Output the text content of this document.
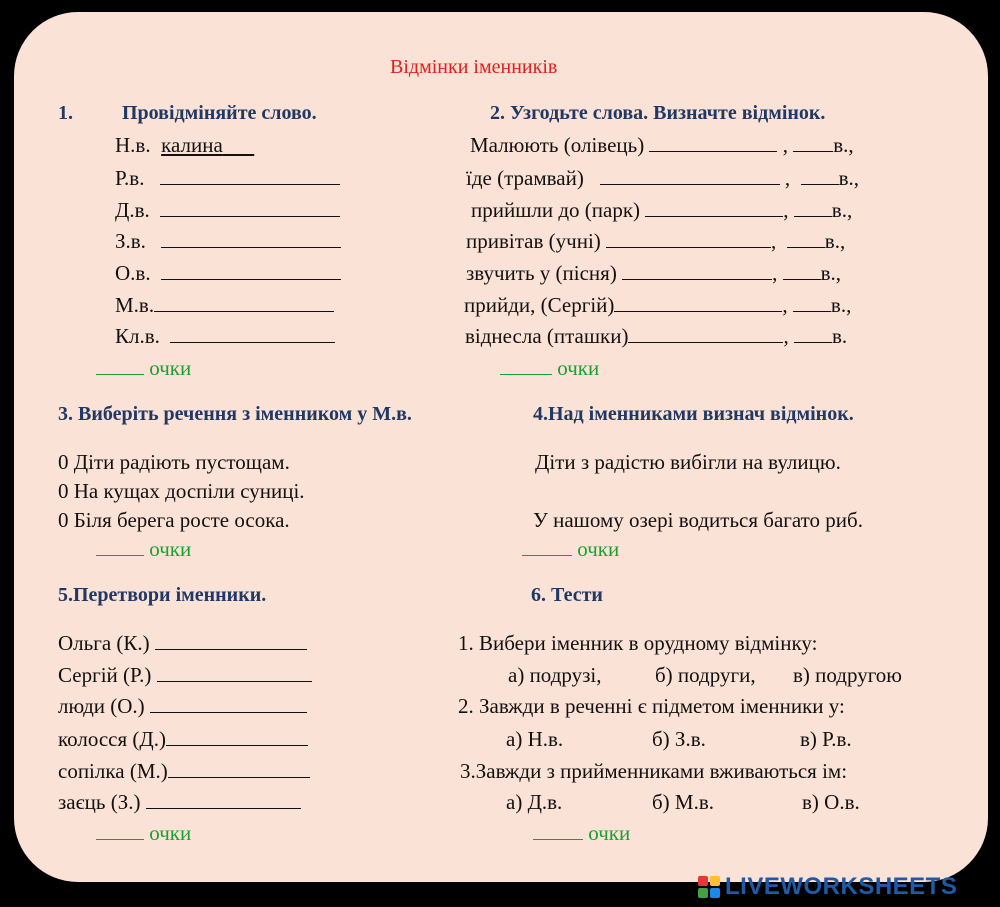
Відмінки іменників
1. Провідміняйте слово.
Н.в. калина
Р.в.
Д.в.
З.в.
О.в.
М.в.
Кл.в.
очки
2. Узгодьте слова. Визначте відмінок.
Малюють (олівець)	, в.,
їде (трамвай)	,  в.,
прийшли до (парк)	, в.,
привітав (учні)	,  в.,
звучить у (пісня)	, в.,
прийди, (Сергій)	, в.,
віднесла (пташки)	, в.
очки
3. Виберіть речення з іменником у М.в.
0 Діти радіють пустощам.
0 На кущах доспіли суниці.
0 Біля берега росте осока.
очки
4.Над іменниками визнач відмінок.
Діти з радістю вибігли на вулицю.
У нашому озері водиться багато риб.
очки
5.Перетвори іменники.
Ольга (К.)
Сергій (Р.)
люди (О.)
колосся (Д.)
сопілка (М.)
заєць (З.)
очки
6. Тести
1. Вибери іменник в орудному відмінку:
а) подрузі,	б) подруги, в) подругою
2. Завжди в реченні є підметом іменники у:
а) Н.в.	б) З.в.	в) Р.в.
3.Завжди з прийменниками вживаються ім:
а) Д.в.	б) М.в.	в) О.в.
очки
LIVEWORKSHEETS
